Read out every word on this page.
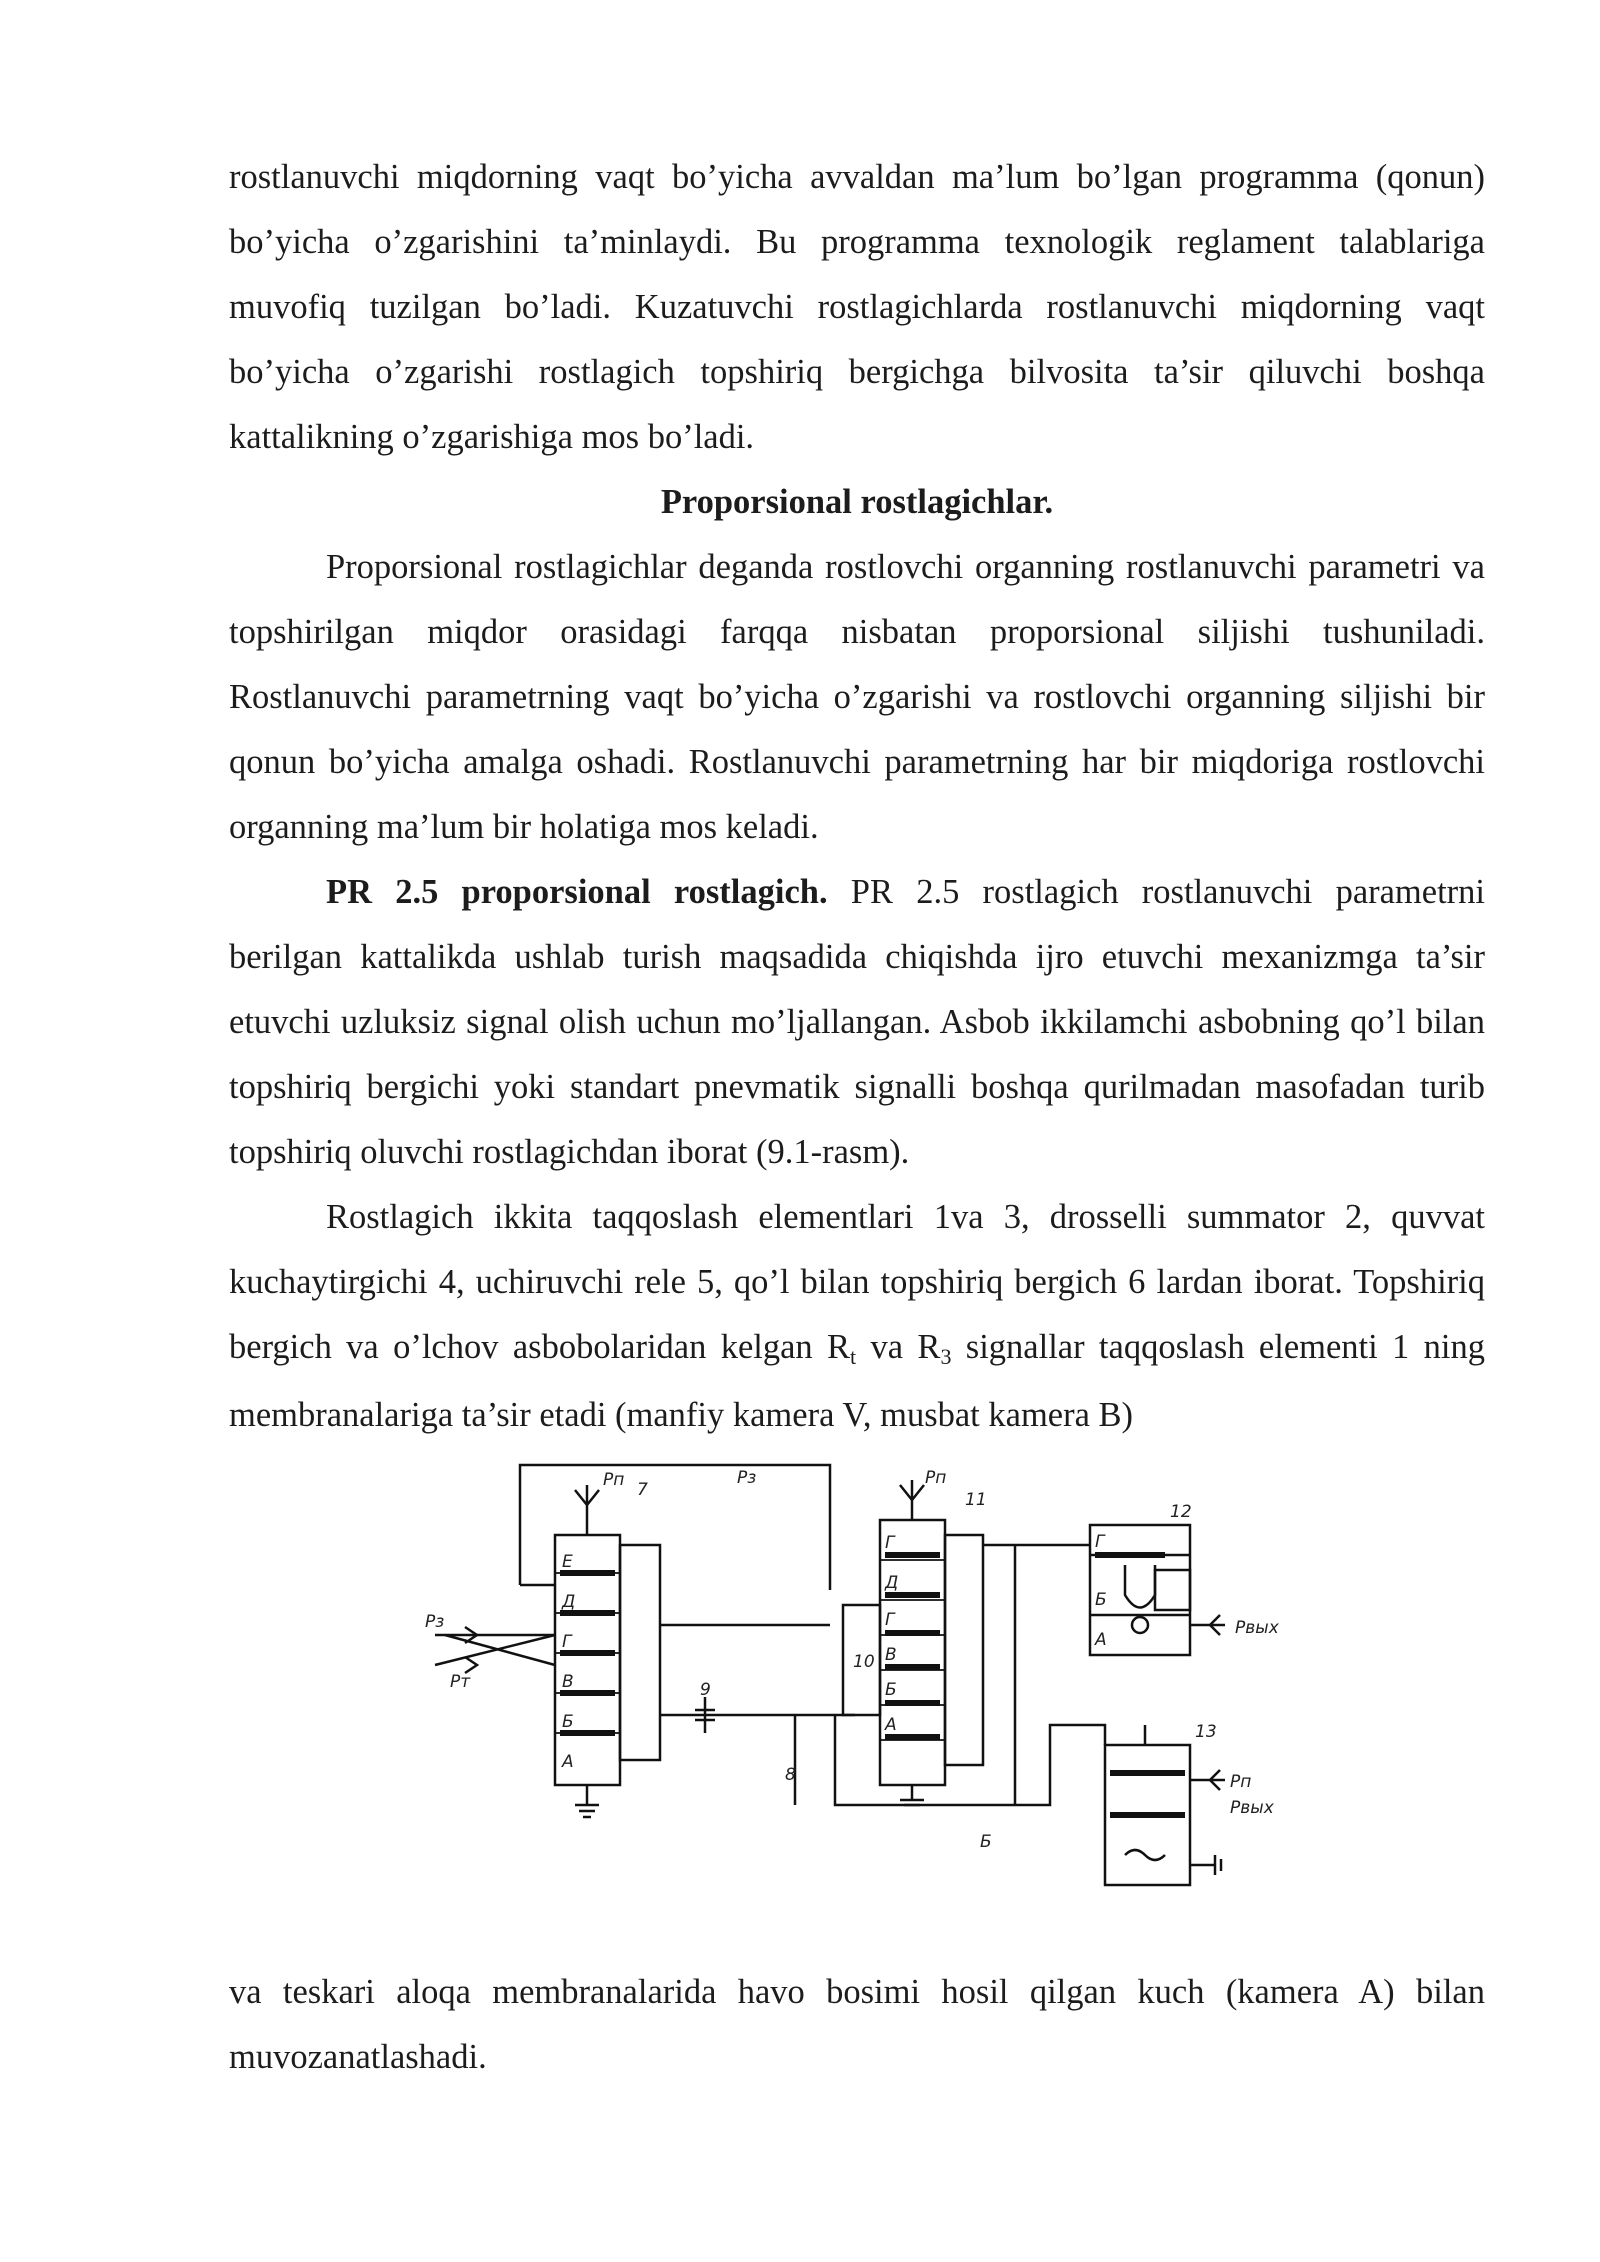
rostlanuvchi miqdorning vaqt bo’yicha avvaldan ma’lum bo’lgan programma (qonun) bo’yicha o’zgarishini ta’minlaydi. Bu programma texnologik reglament talablariga muvofiq tuzilgan bo’ladi. Kuzatuvchi rostlagichlarda rostlanuvchi miqdorning vaqt bo’yicha o’zgarishi rostlagich topshiriq bergichga bilvosita ta’sir qiluvchi boshqa kattalikning o’zgarishiga mos bo’ladi.

Proporsional rostlagichlar.

Proporsional rostlagichlar deganda rostlovchi organning rostlanuvchi parametri va topshirilgan miqdor orasidagi farqqa nisbatan proporsional siljishi tushuniladi. Rostlanuvchi parametrning vaqt bo’yicha o’zgarishi va rostlovchi organning siljishi bir qonun bo’yicha amalga oshadi. Rostlanuvchi parametrning har bir miqdoriga rostlovchi organning ma’lum bir holatiga mos keladi.

PR 2.5 proporsional rostlagich. PR 2.5 rostlagich rostlanuvchi parametrni berilgan kattalikda ushlab turish maqsadida chiqishda ijro etuvchi mexanizmga ta’sir etuvchi uzluksiz signal olish uchun mo’ljallangan. Asbob ikkilamchi asbobning qo’l bilan topshiriq bergichi yoki standart pnevmatik signalli boshqa qurilmadan masofadan turib topshiriq oluvchi rostlagichdan iborat (9.1-rasm).

Rostlagich ikkita taqqoslash elementlari 1va 3, drosselli summator 2, quvvat kuchaytirgichi 4, uchiruvchi rele 5, qo’l bilan topshiriq bergich 6 lardan iborat. Topshiriq bergich va o’lchov asbobolaridan kelgan Rt va R3 signallar taqqoslash elementi 1 ning membranalariga ta’sir etadi (manfiy kamera V, musbat kamera B)

Pп 7
Pз
Pз
Pт
Pп
11
12
13
Pвых
Pп
Pвых
Б
8
9
10
Е
Д
Г
В
Б
А
Г
Д
Г
В
Б
А
Г
Б
А

va teskari aloqa membranalarida havo bosimi hosil qilgan kuch (kamera A) bilan muvozanatlashadi.
